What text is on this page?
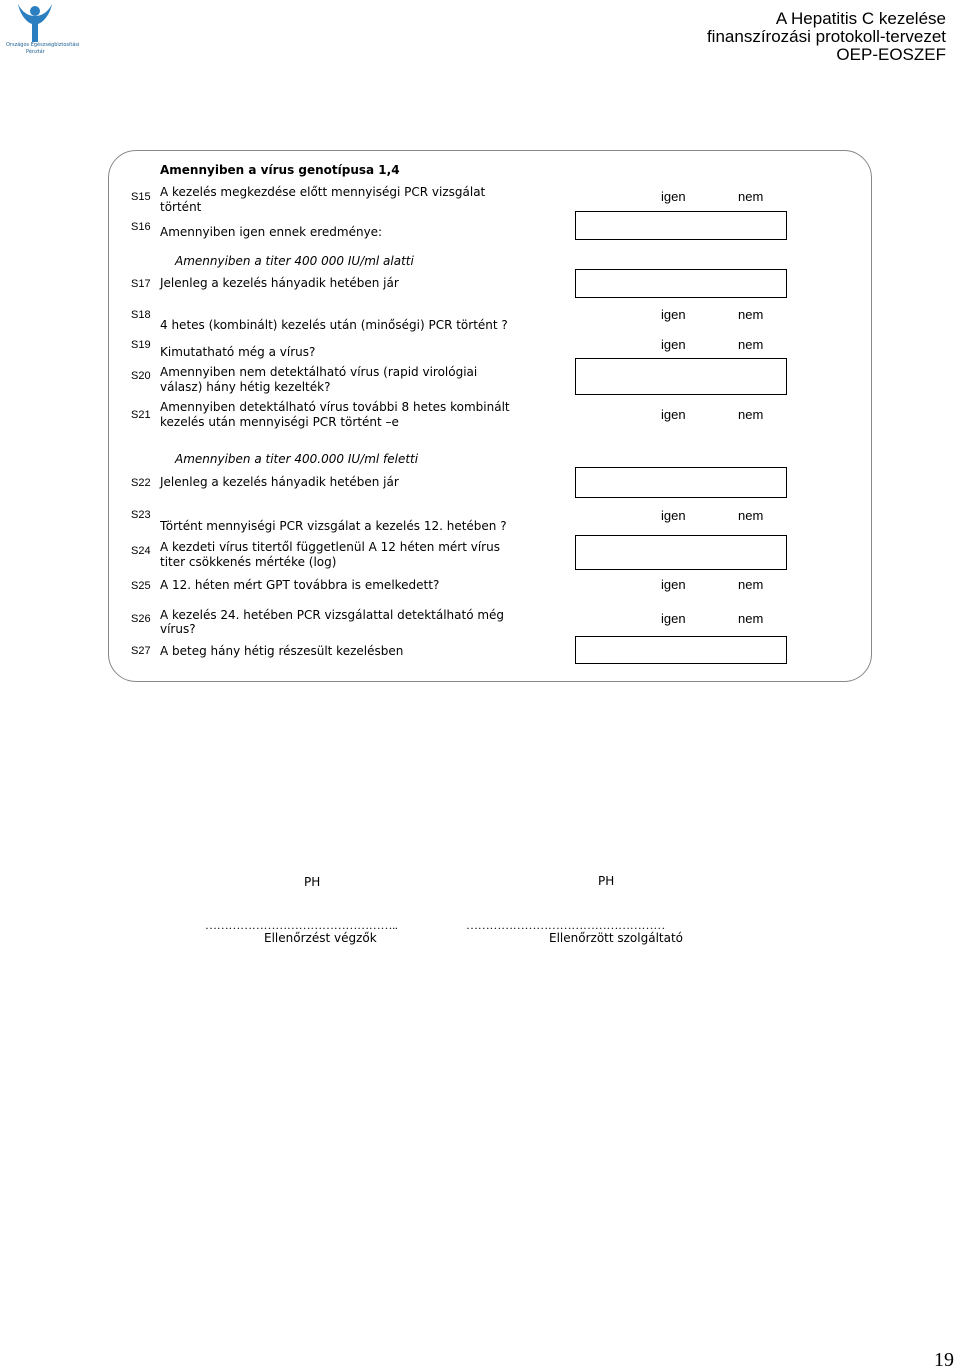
Országos Egészségbiztosítási
Pénztár
A Hepatitis C kezelése
finanszírozási protokoll-tervezet
OEP-EOSZEF
Amennyiben a vírus genotípusa 1,4
S15 A kezelés megkezdése előtt mennyiségi PCR vizsgálat
történt
igen	nem
S16 Amennyiben igen ennek eredménye:
Amennyiben a titer 400 000 IU/ml alatti
S17 Jelenleg a kezelés hányadik hetében jár
S18
4 hetes (kombinált) kezelés után (minőségi) PCR történt ?
igen	nem
S19 Kimutatható még a vírus?	igen	nem
S20 Amennyiben nem detektálható vírus (rapid virológiai
válasz) hány hétig kezelték?
S21
Amennyiben detektálható vírus további 8 hetes kombinált
kezelés után mennyiségi PCR történt –e	igen	nem
Amennyiben a titer 400.000 IU/ml feletti
S22 Jelenleg a kezelés hányadik hetében jár
S23
Történt mennyiségi PCR vizsgálat a kezelés 12. hetében ?
igen	nem
S24 A kezdeti vírus titertől függetlenül A 12 héten mért vírus
titer csökkenés mértéke (log)
S25 A 12. héten mért GPT továbbra is emelkedett?	igen	nem
S26 A kezelés 24. hetében PCR vizsgálattal detektálható még
vírus?
igen	nem
S27 A beteg hány hétig részesült kezelésben
PH	PH
…………………………………………..	……………………………………………
Ellenőrzést végzők	Ellenőrzött szolgáltató
19
